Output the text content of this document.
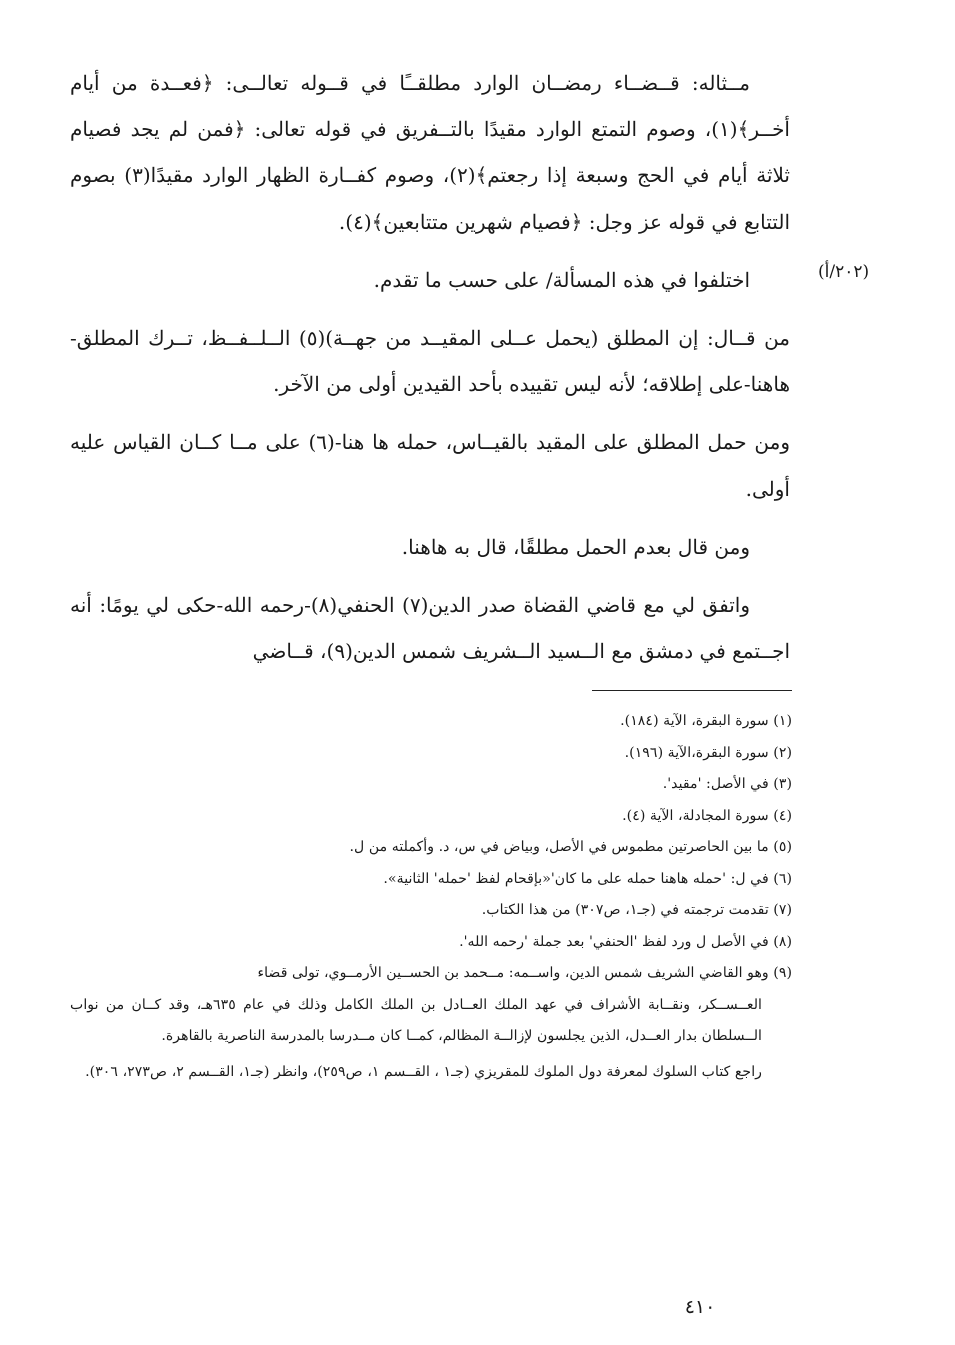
مــثاله: قــضــاء رمضــان الوارد مطلقــًا في قــوله تعالــى: ﴿فعــدة من أيام أخــر﴾(١)، وصوم التمتع الوارد مقيدًا بالتــفريق في قوله تعالى: ﴿فمن لم يجد فصيام ثلاثة أيام في الحج وسبعة إذا رجعتم﴾(٢)، وصوم كفــارة الظهار الوارد مقيدًا(٣) بصوم التتابع في قوله عز وجل: ﴿فصيام شهرين متتابعين﴾(٤).

اختلفوا في هذه المسألة/ على حسب ما تقدم.

من قــال: إن المطلق (يحمل عــلى المقيــد من جهــة)(٥) الــلــفــظ، تــرك المطلق-هاهنا-على إطلاقه؛ لأنه ليس تقييده بأحد القيدين أولى من الآخر.

ومن حمل المطلق على المقيد بالقيــاس، حمله ها هنا-(٦) على مــا كــان القياس عليه أولى.

ومن قال بعدم الحمل مطلقًا، قال به هاهنا.

واتفق لي مع قاضي القضاة صدر الدين(٧) الحنفي(٨)-رحمه الله-حكى لي يومًا: أنه اجــتمع في دمشق مع الــسيد الــشريف شمس الدين(٩)، قــاضي

(٢٠٢/أ)

(١) سورة البقرة، الآية (١٨٤).

(٢) سورة البقرة،الآية (١٩٦).

(٣) في الأصل: 'مقيد'.

(٤) سورة المجادلة، الآية (٤).

(٥) ما بين الحاصرتين مطموس في الأصل، وبياض في س، د. وأكملته من ل.

(٦) في ل: 'حمله هاهنا حمله على ما كان'«بإقحام لفظ 'حمله' الثانية».

(٧) تقدمت ترجمته في (جـ١، ص٣٠٧) من هذا الكتاب.

(٨) في الأصل ل ورد لفظ 'الحنفي' بعد جملة 'رحمه الله'.

(٩) وهو القاضي الشريف شمس الدين، واســمه: مــحمد بن الحســين الأرمــوي، تولى قضاء
العــســكر، ونقــابة الأشراف في عهد الملك العــادل بن الملك الكامل وذلك في عام ٦٣٥هـ، وقد كــان من نواب الــسلطان بدار العــدل، الذين يجلسون لإزالــة المظالم، كمــا كان مــدرسا بالمدرسة الناصرية بالقاهرة.

راجع كتاب السلوك لمعرفة دول الملوك للمقريزي (جـ١ ، القــسم ١، ص٢٥٩)، وانظر (جـ١، القــسم ٢، ص٢٧٣، ٣٠٦).

٤١٠
